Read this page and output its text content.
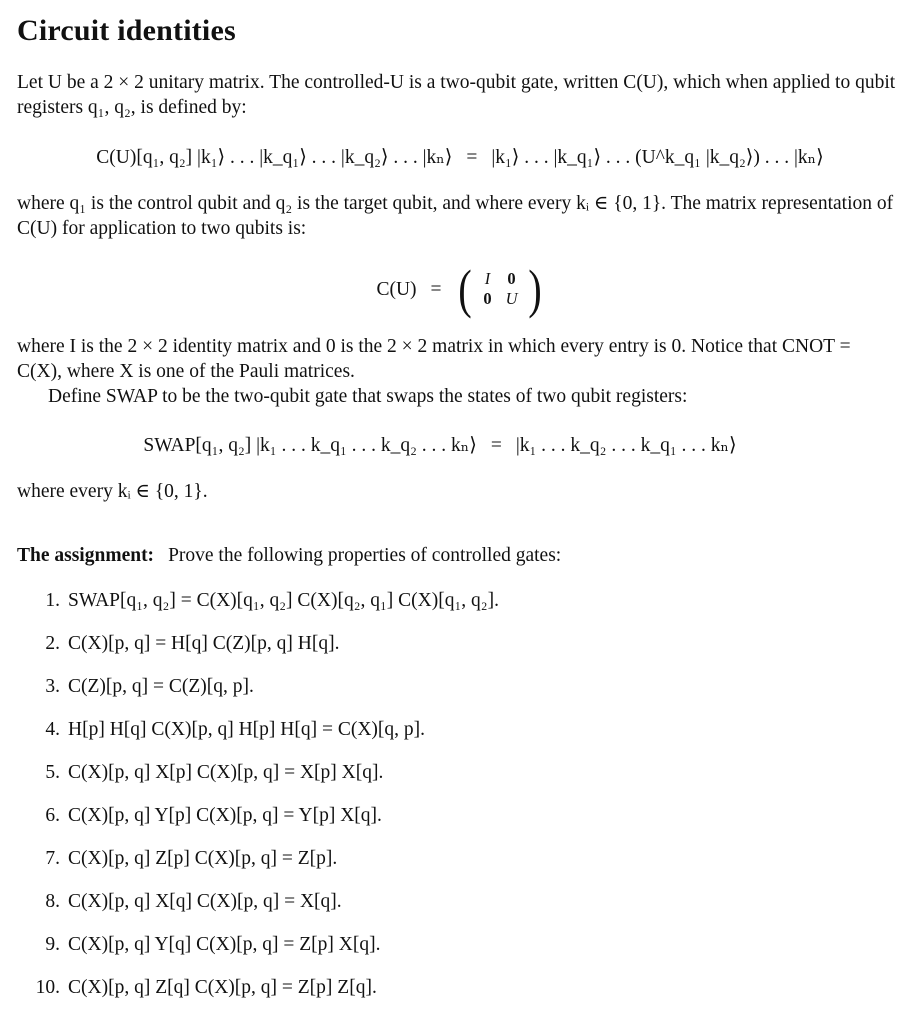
Circuit identities

Let U be a 2 × 2 unitary matrix. The controlled-U is a two-qubit gate, written C(U), which when applied to qubit registers q₁, q₂, is defined by:

C(U)[q₁, q₂] |k₁⟩ . . . |k_q₁⟩ . . . |k_q₂⟩ . . . |kₙ⟩ = |k₁⟩ . . . |k_q₁⟩ . . . (U^k_q₁ |k_q₂⟩) . . . |kₙ⟩

where q₁ is the control qubit and q₂ is the target qubit, and where every kᵢ ∈ {0, 1}. The matrix representation of C(U) for application to two qubits is:

C(U) = ( I	0
0 U )

where I is the 2 × 2 identity matrix and 0 is the 2 × 2 matrix in which every entry is 0. Notice that CNOT = C(X), where X is one of the Pauli matrices.

Define SWAP to be the two-qubit gate that swaps the states of two qubit registers:

SWAP[q₁, q₂] |k₁ . . . k_q₁ . . . k_q₂ . . . kₙ⟩ = |k₁ . . . k_q₂ . . . k_q₁ . . . kₙ⟩

where every kᵢ ∈ {0, 1}.

The assignment: Prove the following properties of controlled gates:

1. SWAP[q₁, q₂] = C(X)[q₁, q₂] C(X)[q₂, q₁] C(X)[q₁, q₂].
2. C(X)[p, q] = H[q] C(Z)[p, q] H[q].
3. C(Z)[p, q] = C(Z)[q, p].
4. H[p] H[q] C(X)[p, q] H[p] H[q] = C(X)[q, p].
5. C(X)[p, q] X[p] C(X)[p, q] = X[p] X[q].
6. C(X)[p, q] Y[p] C(X)[p, q] = Y[p] X[q].
7. C(X)[p, q] Z[p] C(X)[p, q] = Z[p].
8. C(X)[p, q] X[q] C(X)[p, q] = X[q].
9. C(X)[p, q] Y[q] C(X)[p, q] = Z[p] X[q].
10. C(X)[p, q] Z[q] C(X)[p, q] = Z[p] Z[q].
